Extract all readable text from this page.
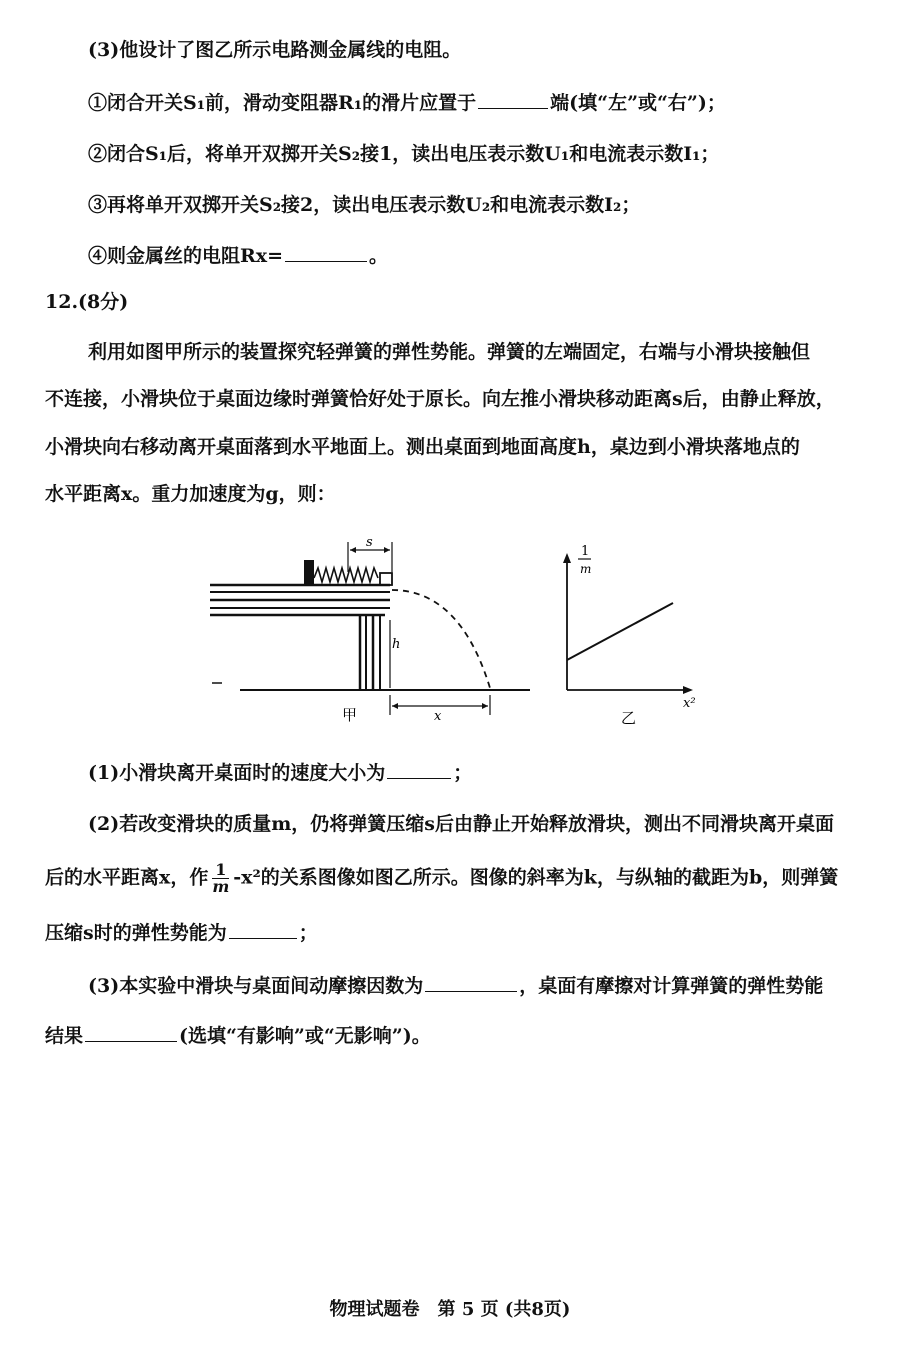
(3)他设计了图乙所示电路测金属线的电阻。
①闭合开关S₁前，滑动变阻器R₁的滑片应置于	端(填“左”或“右”)；
②闭合S₁后，将单开双掷开关S₂接1，读出电压表示数U₁和电流表示数I₁；
③再将单开双掷开关S₂接2，读出电压表示数U₂和电流表示数I₂；
④则金属丝的电阻Rx=	。
12.(8分)
利用如图甲所示的装置探究轻弹簧的弹性势能。弹簧的左端固定，右端与小滑块接触但
不连接，小滑块位于桌面边缘时弹簧恰好处于原长。向左推小滑块移动距离s后，由静止释放，
小滑块向右移动离开桌面落到水平地面上。测出桌面到地面高度h，桌边到小滑块落地点的
水平距离x。重力加速度为g，则：
s
h
x
甲
1
m
x²
乙
(1)小滑块离开桌面时的速度大小为	；
(2)若改变滑块的质量m，仍将弹簧压缩s后由静止开始释放滑块，测出不同滑块离开桌面
后的水平距离x，作 $\frac{1}{m} -x^2$的关系图像如图乙所示。图像的斜率为k，与纵轴的截距为b，则弹簧
压缩s时的弹性势能为	；
(3)本实验中滑块与桌面间动摩擦因数为	，桌面有摩擦对计算弹簧的弹性势能
结果	(选填“有影响”或“无影响”)。
物理试题卷　第 5 页 (共8页)
